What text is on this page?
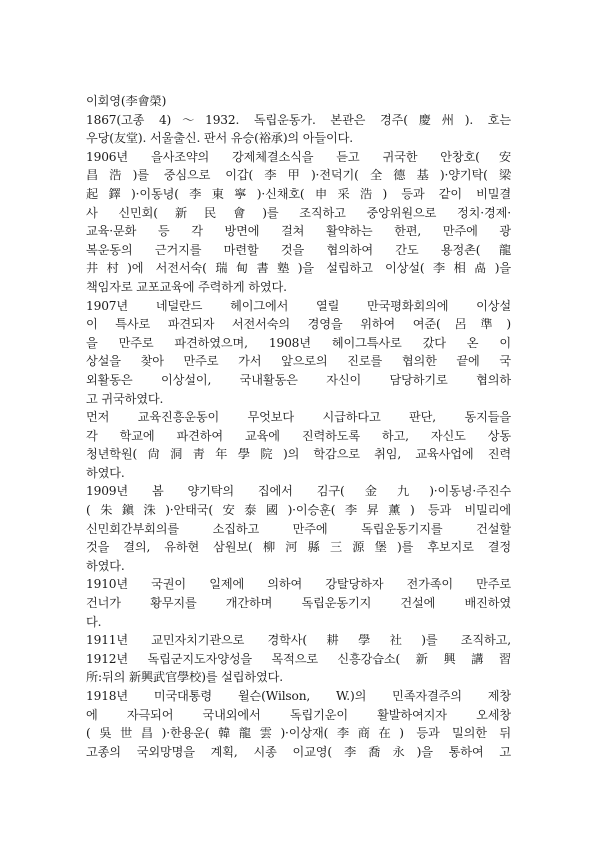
이회영(李會榮)
1867(고종 4)～1932. 독립운동가. 본관은 경주(慶州). 호는
우당(友堂). 서울출신. 판서 유승(裕承)의 아들이다.
1906년 을사조약의 강제체결소식을 듣고 귀국한 안창호(安
昌浩)를 중심으로 이갑(李甲)·전덕기(全德基)·양기탁(梁
起鐸)·이동녕(李東寧)·신채호(申采浩) 등과 같이 비밀결
사 신민회(新民會)를 조직하고 중앙위원으로 정치·경제·
교육·문화 등 각 방면에 걸쳐 활약하는 한편, 만주에 광
복운동의 근거지를 마련할 것을 협의하여 간도 용정촌(龍
井村)에 서전서숙(瑞甸書塾)을 설립하고 이상설(李相卨)을
책임자로 교포교육에 주력하게 하였다.
1907년 네덜란드 헤이그에서 열릴 만국평화회의에 이상설
이 특사로 파견되자 서전서숙의 경영을 위하여 여준(呂準)
을 만주로 파견하였으며, 1908년 헤이그특사로 갔다 온 이
상설을 찾아 만주로 가서 앞으로의 진로를 협의한 끝에 국
외활동은 이상설이, 국내활동은 자신이 담당하기로 협의하
고 귀국하였다.
먼저 교육진흥운동이 무엇보다 시급하다고 판단, 동지들을
각 학교에 파견하여 교육에 진력하도록 하고, 자신도 상동
청년학원(尙洞靑年學院)의 학감으로 취임, 교육사업에 진력
하였다.
1909년 봄 양기탁의 집에서 김구(金九)·이동녕·주진수
(朱鎭洙)·안태국(安泰國)·이승훈(李昇薰) 등과 비밀리에
신민회간부회의를 소집하고 만주에 독립운동기지를 건설할
것을 결의, 유하현 삼원보(柳河縣三源堡)를 후보지로 결정
하였다.
1910년 국권이 일제에 의하여 강탈당하자 전가족이 만주로
건너가 황무지를 개간하며 독립운동기지 건설에 배진하였
다.
1911년 교민자치기관으로 경학사(耕學社)를 조직하고,
1912년 독립군지도자양성을 목적으로 신흥강습소(新興講習
所:뒤의 新興武官學校)를 설립하였다.
1918년 미국대통령 윌슨(Wilson, W.)의 민족자결주의 제창
에 자극되어 국내외에서 독립기운이 활발하여지자 오세창
(吳世昌)·한용운(韓龍雲)·이상재(李商在) 등과 밀의한 뒤
고종의 국외망명을 계획, 시종 이교영(李喬永)을 통하여 고
